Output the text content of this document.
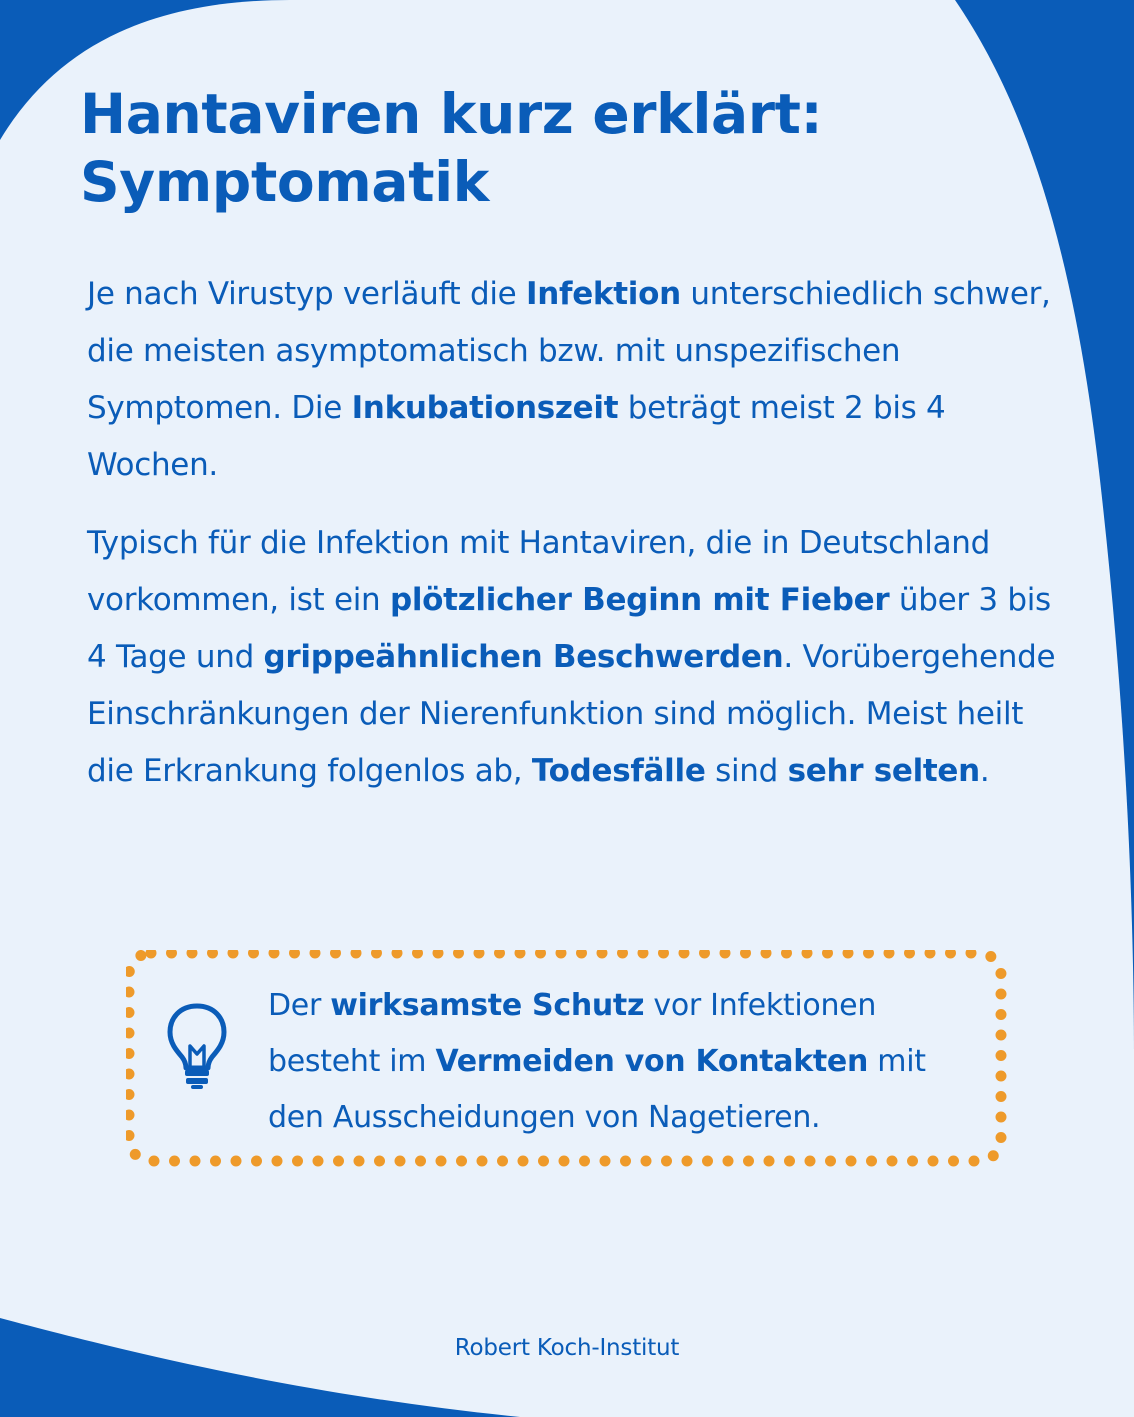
Hantaviren kurz erklärt:
Symptomatik

Je nach Virustyp verläuft die Infektion unterschiedlich schwer, die meisten asymptomatisch bzw. mit unspezifischen Symptomen. Die Inkubationszeit beträgt meist 2 bis 4 Wochen.

Typisch für die Infektion mit Hantaviren, die in Deutschland vorkommen, ist ein plötzlicher Beginn mit Fieber über 3 bis 4 Tage und grippeähnlichen Beschwerden. Vorübergehende Einschränkungen der Nierenfunktion sind möglich. Meist heilt die Erkrankung folgenlos ab, Todesfälle sind sehr selten.

Der wirksamste Schutz vor Infektionen besteht im Vermeiden von Kontakten mit den Ausscheidungen von Nagetieren.

Robert Koch-Institut
